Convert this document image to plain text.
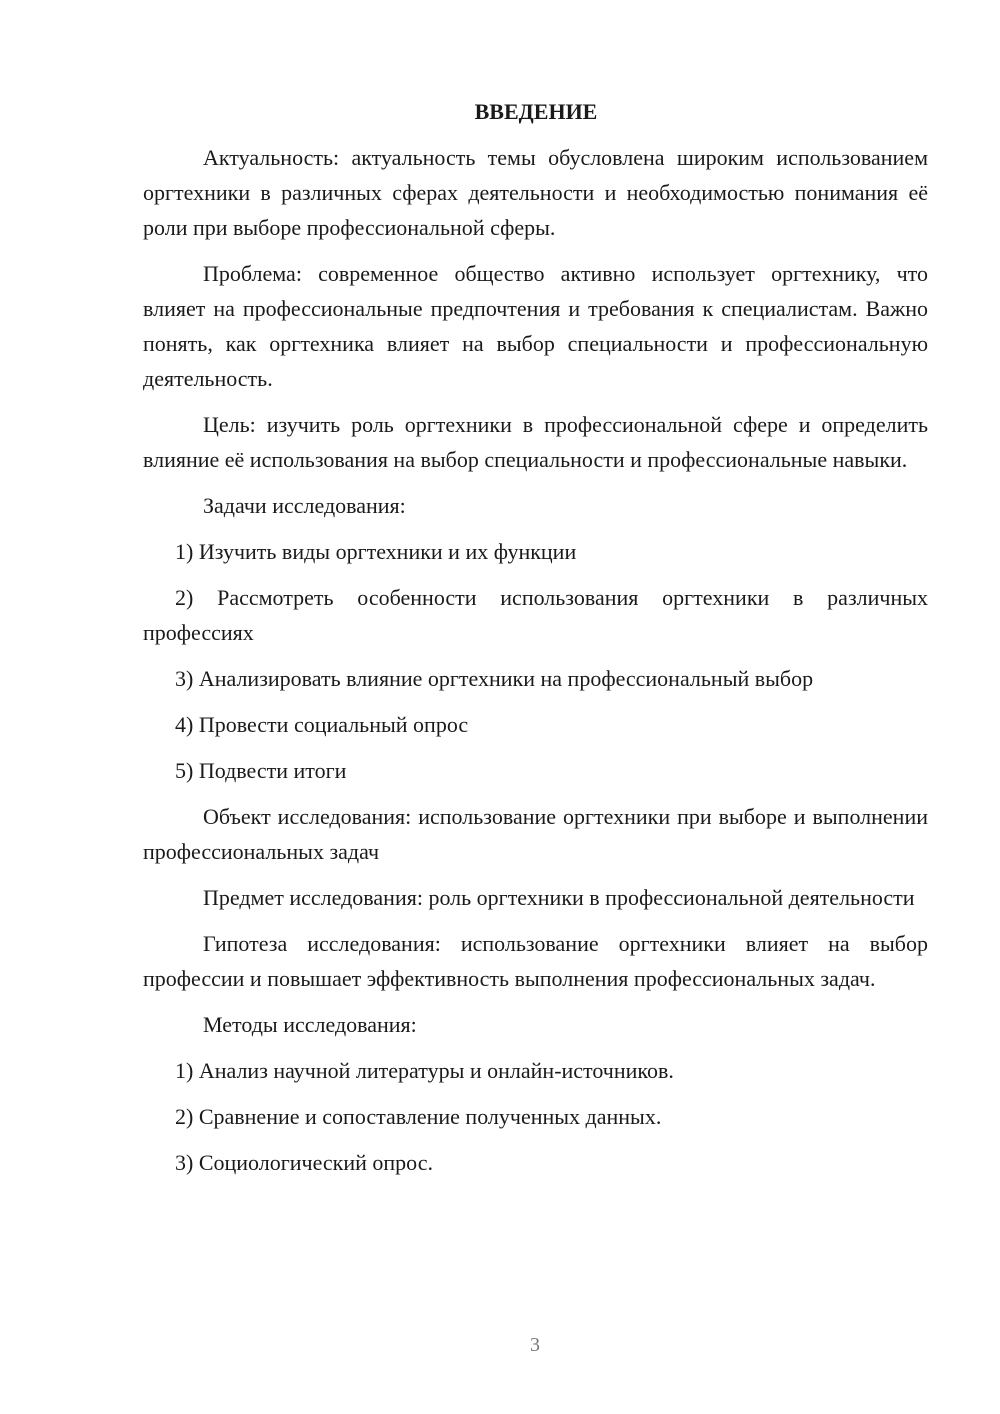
ВВЕДЕНИЕ

Актуальность: актуальность темы обусловлена широким использованием оргтехники в различных сферах деятельности и необходимостью понимания её роли при выборе профессиональной сферы.

Проблема: современное общество активно использует оргтехнику, что влияет на профессиональные предпочтения и требования к специалистам. Важно понять, как оргтехника влияет на выбор специальности и профессиональную деятельность.

Цель: изучить роль оргтехники в профессиональной сфере и определить влияние её использования на выбор специальности и профессиональные навыки.

Задачи исследования:

1) Изучить виды оргтехники и их функции

2) Рассмотреть особенности использования оргтехники в различных профессиях

3) Анализировать влияние оргтехники на профессиональный выбор

4) Провести социальный опрос

5) Подвести итоги

Объект исследования: использование оргтехники при выборе и выполнении профессиональных задач

Предмет исследования: роль оргтехники в профессиональной деятельности

Гипотеза исследования: использование оргтехники влияет на выбор профессии и повышает эффективность выполнения профессиональных задач.

Методы исследования:

1) Анализ научной литературы и онлайн-источников.

2) Сравнение и сопоставление полученных данных.

3) Социологический опрос.

3
